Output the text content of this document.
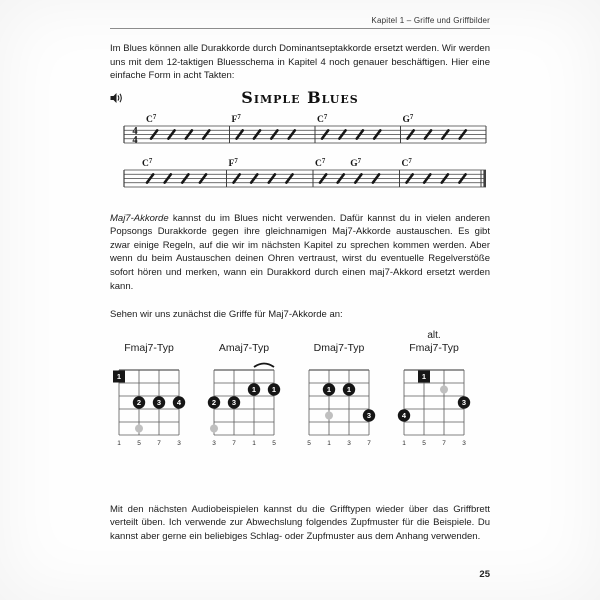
Kapitel 1 – Griffe und Griffbilder

Im Blues können alle Durakkorde durch Dominantseptakkorde ersetzt werden. Wir werden uns mit dem 12-taktigen Bluesschema in Kapitel 4 noch genauer beschäftigen. Hier eine einfache Form in acht Takten:

Simple Blues
4
4
$C^7$	$F^7$	$C^7$	$G^7$
$C^7$	$F^7$	$C^7$	$G^7$	$C^7$

Maj7-Akkorde kannst du im Blues nicht verwenden. Dafür kannst du in vielen anderen Popsongs Durakkorde gegen ihre gleichnamigen Maj7-Akkorde austauschen. Es gibt zwar einige Regeln, auf die wir im nächsten Kapitel zu sprechen kommen werden. Aber wenn du beim Austauschen deinen Ohren vertraust, wirst du eventuelle Regelverstöße sofort hören und merken, wann ein Durakkord durch einen maj7-Akkord ersetzt werden kann.

Sehen wir uns zunächst die Griffe für Maj7-Akkorde an:

Fmaj7-Typ
1
2 3 4
1	5	7	3
Amaj7-Typ
1 1
2 3
3	7	1	5
Dmaj7-Typ
1 1
3
5	1	3	7
alt.
Fmaj7-Typ
1
3
4
1	5	7	3

Mit den nächsten Audiobeispielen kannst du die Grifftypen wieder über das Griffbrett verteilt üben. Ich verwende zur Abwechslung folgendes Zupfmuster für die Beispiele. Du kannst aber gerne ein beliebiges Schlag- oder Zupfmuster aus dem Anhang verwenden.

25
